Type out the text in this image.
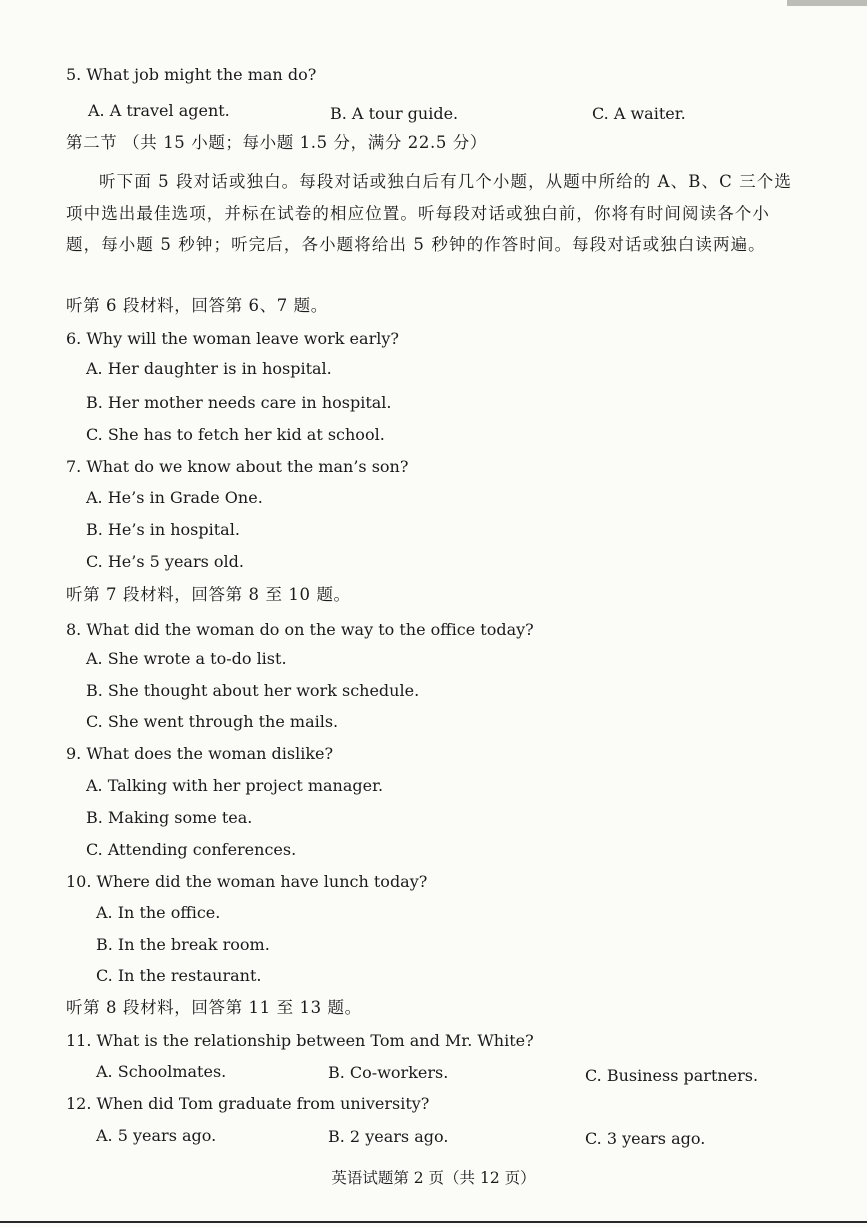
5. What job might the man do?
A. A travel agent.	B. A tour guide.	C. A waiter.
第二节 （共 15 小题；每小题 1.5 分，满分 22.5 分）
听下面 5 段对话或独白。每段对话或独白后有几个小题，从题中所给的 A、B、C 三个选项中选出最佳选项，并标在试卷的相应位置。听每段对话或独白前，你将有时间阅读各个小题，每小题 5 秒钟；听完后，各小题将给出 5 秒钟的作答时间。每段对话或独白读两遍。
听第 6 段材料，回答第 6、7 题。
6. Why will the woman leave work early?
A. Her daughter is in hospital.
B. Her mother needs care in hospital.
C. She has to fetch her kid at school.
7. What do we know about the man’s son?
A. He’s in Grade One.
B. He’s in hospital.
C. He’s 5 years old.
听第 7 段材料，回答第 8 至 10 题。
8. What did the woman do on the way to the office today?
A. She wrote a to-do list.
B. She thought about her work schedule.
C. She went through the mails.
9. What does the woman dislike?
A. Talking with her project manager.
B. Making some tea.
C. Attending conferences.
10. Where did the woman have lunch today?
A. In the office.
B. In the break room.
C. In the restaurant.
听第 8 段材料，回答第 11 至 13 题。
11. What is the relationship between Tom and Mr. White?
A. Schoolmates.	B. Co-workers.	C. Business partners.
12. When did Tom graduate from university?
A. 5 years ago.	B. 2 years ago.	C. 3 years ago.
英语试题第 2 页（共 12 页）
